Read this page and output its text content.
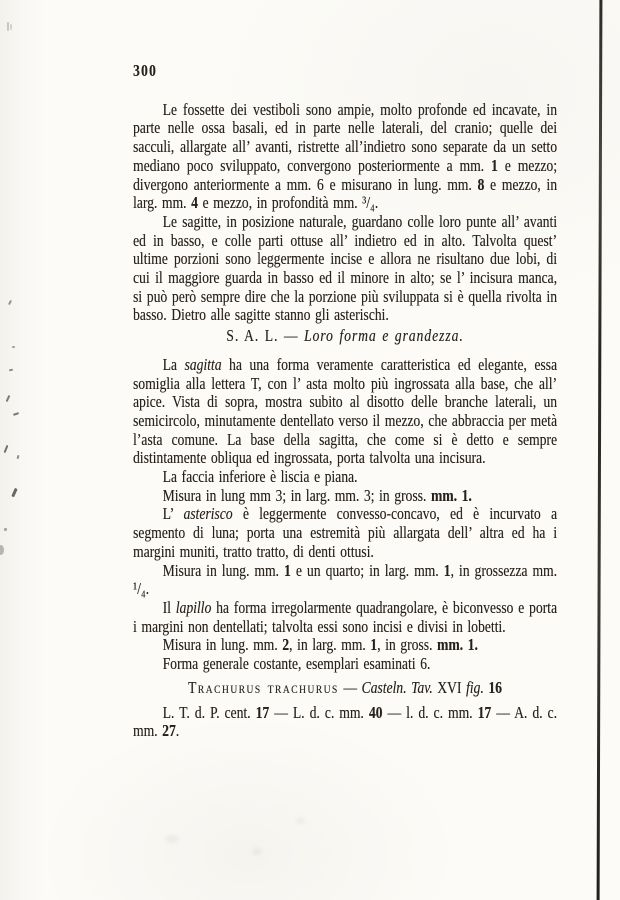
300

Le fossette dei vestiboli sono ampie, molto profonde ed incavate, in parte nelle ossa basali, ed in parte nelle laterali, del cranio; quelle dei sacculi, allargate all’ avanti, ristrette all’indietro sono separate da un setto mediano poco sviluppato, convergono posteriormente a mm. 1 e mezzo; divergono anteriormente a mm. 6 e misurano in lung. mm. 8 e mezzo, in larg. mm. 4 e mezzo, in profondità mm. ³/₄.

Le sagitte, in posizione naturale, guardano colle loro punte all’ avanti ed in basso, e colle parti ottuse all’ indietro ed in alto. Talvolta quest’ ultime porzioni sono leggermente incise e allora ne risultano due lobi, di cui il maggiore guarda in basso ed il minore in alto; se l’ incisura manca, si può però sempre dire che la porzione più sviluppata si è quella rivolta in basso. Dietro alle sagitte stanno gli asterischi.

S. A. L. — Loro forma e grandezza.

La sagitta ha una forma veramente caratteristica ed elegante, essa somiglia alla lettera T, con l’ asta molto più ingrossata alla base, che all’ apice. Vista di sopra, mostra subito al disotto delle branche laterali, un semicircolo, minutamente dentellato verso il mezzo, che abbraccia per metà l’asta comune. La base della sagitta, che come si è detto e sempre distintamente obliqua ed ingrossata, porta talvolta una incisura.

La faccia inferiore è liscia e piana.

Misura in lung mm 3; in larg. mm. 3; in gross. mm. 1.

L’ asterisco è leggermente convesso-concavo, ed è incurvato a segmento di luna; porta una estremità più allargata dell’ altra ed ha i margini muniti, tratto tratto, di denti ottusi.

Misura in lung. mm. 1 e un quarto; in larg. mm. 1, in grossezza mm. ¹/₄.

Il lapillo ha forma irregolarmente quadrangolare, è biconvesso e porta i margini non dentellati; talvolta essi sono incisi e divisi in lobetti.

Misura in lung. mm. 2, in larg. mm. 1, in gross. mm. 1.

Forma generale costante, esemplari esaminati 6.

Trachurus trachurus — Casteln. Tav. XVI fig. 16

L. T. d. P. cent. 17 — L. d. c. mm. 40 — l. d. c. mm. 17 — A. d. c. mm. 27.
